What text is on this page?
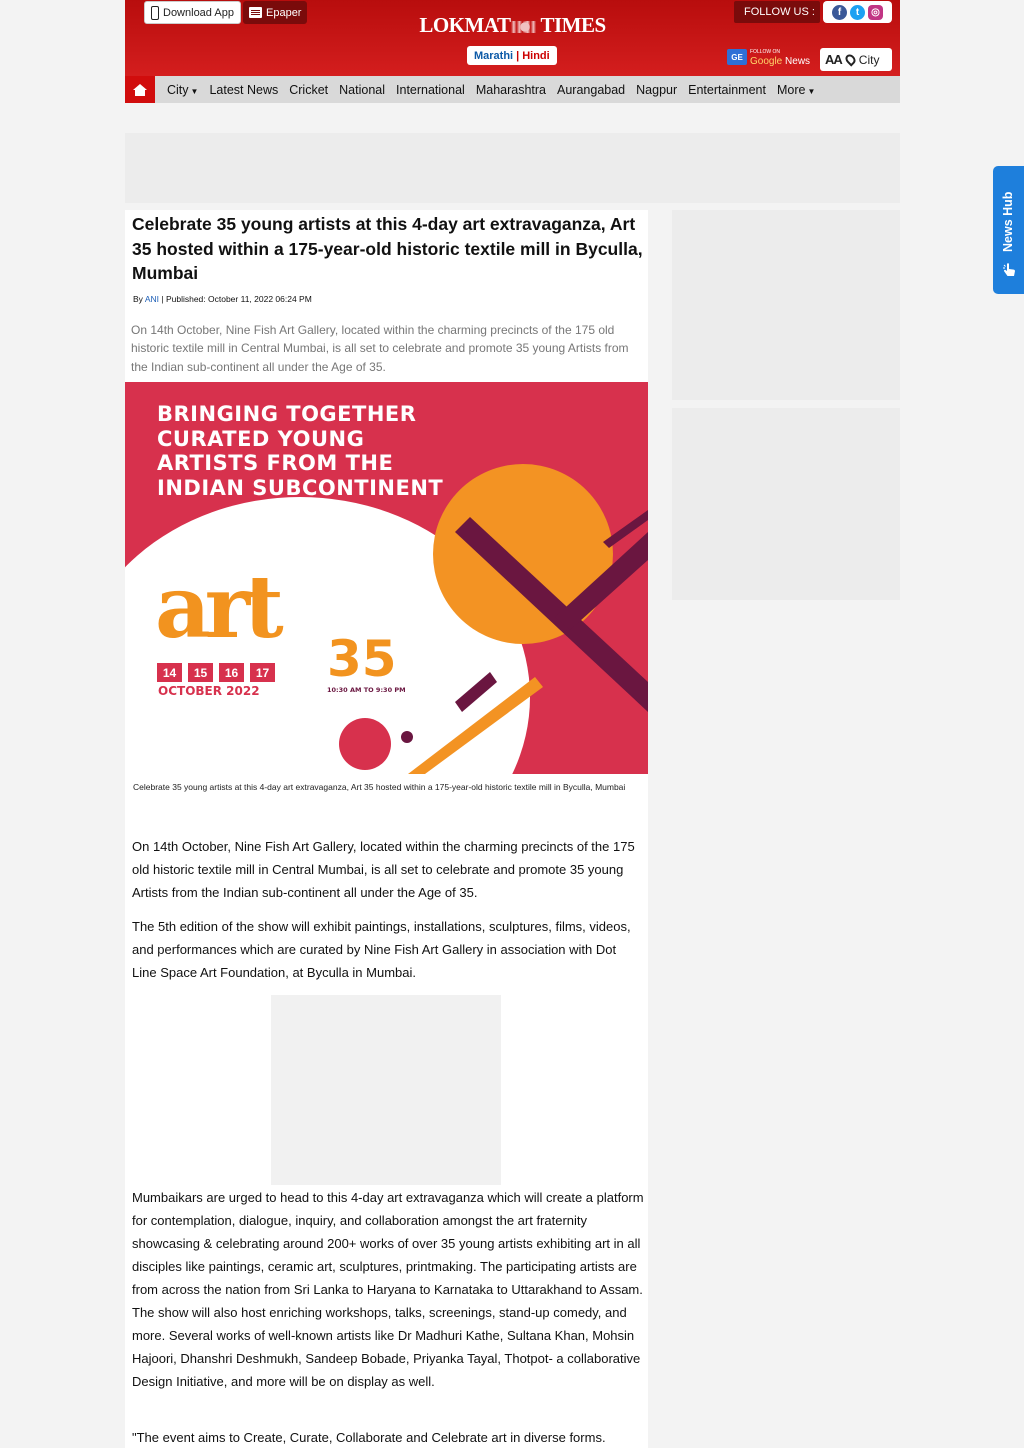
Download App	Epaper
LOKMAT TIMES
Marathi | Hindi
FOLLOW US :	f	t	◎
GE
FOLLOW ON
Google News AA City
City ▼ Latest News Cricket National International Maharashtra Aurangabad Nagpur Entertainment More ▼
Celebrate 35 young artists at this 4-day art extravaganza, Art 35 hosted within a 175-year-old historic textile mill in Byculla, Mumbai
By ANI | Published: October 11, 2022 06:24 PM

On 14th October, Nine Fish Art Gallery, located within the charming precincts of the 175 old historic textile mill in Central Mumbai, is all set to celebrate and promote 35 young Artists from the Indian sub-continent all under the Age of 35.

BRINGING TOGETHER
CURATED YOUNG
ARTISTS FROM THE
INDIAN SUBCONTINENT
art
35
14	15	16	17
OCTOBER 2022	10:30 AM TO 9:30 PM
Celebrate 35 young artists at this 4-day art extravaganza, Art 35 hosted within a 175-year-old historic textile mill in Byculla, Mumbai

On 14th October, Nine Fish Art Gallery, located within the charming precincts of the 175 old historic textile mill in Central Mumbai, is all set to celebrate and promote 35 young Artists from the Indian sub-continent all under the Age of 35.

The 5th edition of the show will exhibit paintings, installations, sculptures, films, videos, and performances which are curated by Nine Fish Art Gallery in association with Dot Line Space Art Foundation, at Byculla in Mumbai.

Mumbaikars are urged to head to this 4-day art extravaganza which will create a platform for contemplation, dialogue, inquiry, and collaboration amongst the art fraternity showcasing & celebrating around 200+ works of over 35 young artists exhibiting art in all disciples like paintings, ceramic art, sculptures, printmaking. The participating artists are from across the nation from Sri Lanka to Haryana to Karnataka to Uttarakhand to Assam. The show will also host enriching workshops, talks, screenings, stand-up comedy, and more. Several works of well-known artists like Dr Madhuri Kathe, Sultana Khan, Mohsin Hajoori, Dhanshri Deshmukh, Sandeep Bobade, Priyanka Tayal, Thotpot- a collaborative Design Initiative, and more will be on display as well.

"The event aims to Create, Curate, Collaborate and Celebrate art in diverse forms.

News Hub
